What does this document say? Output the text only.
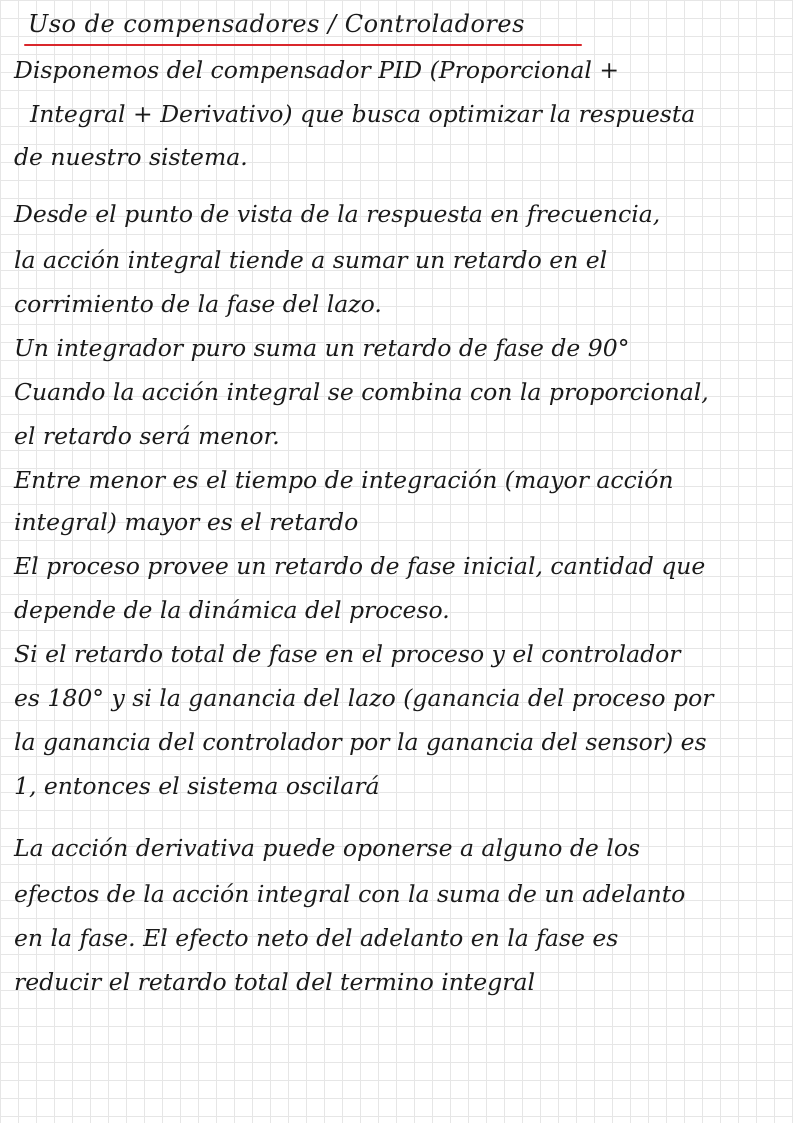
Uso de compensadores / Controladores
Disponemos del compensador PID (Proporcional +
Integral + Derivativo) que busca optimizar la respuesta
de nuestro sistema.
Desde el punto de vista de la respuesta en frecuencia,
la acción integral tiende a sumar un retardo en el
corrimiento de la fase del lazo.
Un integrador puro suma un retardo de fase de 90°
Cuando la acción integral se combina con la proporcional,
el retardo será menor.
Entre menor es el tiempo de integración (mayor acción
integral) mayor es el retardo
El proceso provee un retardo de fase inicial, cantidad que
depende de la dinámica del proceso.
Si el retardo total de fase en el proceso y el controlador
es 180° y si la ganancia del lazo (ganancia del proceso por
la ganancia del controlador por la ganancia del sensor) es
1, entonces el sistema oscilará
La acción derivativa puede oponerse a alguno de los
efectos de la acción integral con la suma de un adelanto
en la fase. El efecto neto del adelanto en la fase es
reducir el retardo total del termino integral
